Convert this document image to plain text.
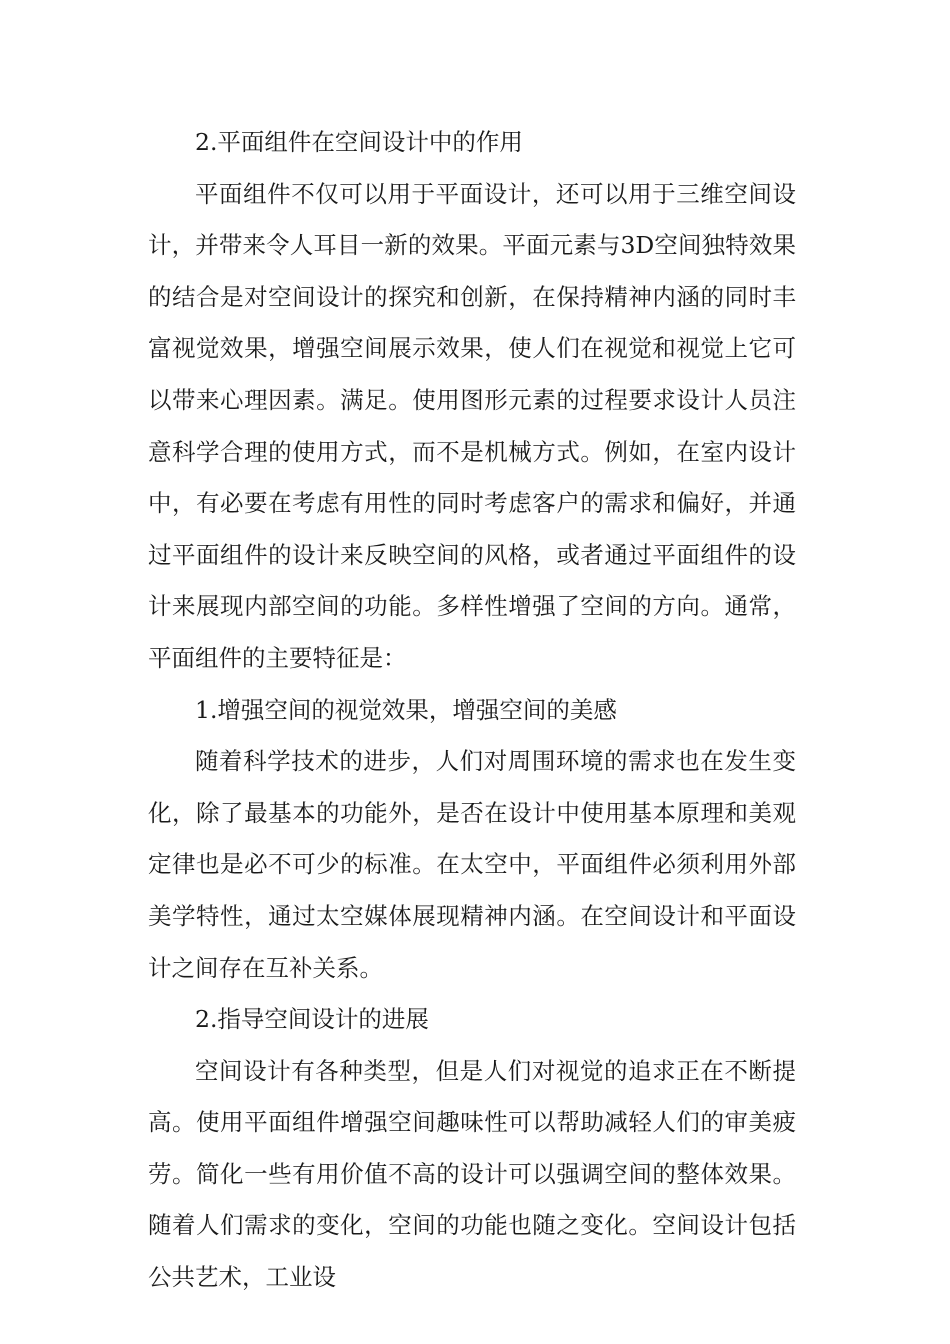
2.平面组件在空间设计中的作用

平面组件不仅可以用于平面设计，还可以用于三维空间设计，并带来令人耳目一新的效果。平面元素与3D空间独特效果的结合是对空间设计的探究和创新，在保持精神内涵的同时丰富视觉效果，增强空间展示效果，使人们在视觉和视觉上它可以带来心理因素。满足。使用图形元素的过程要求设计人员注意科学合理的使用方式，而不是机械方式。例如，在室内设计中，有必要在考虑有用性的同时考虑客户的需求和偏好，并通过平面组件的设计来反映空间的风格，或者通过平面组件的设计来展现内部空间的功能。多样性增强了空间的方向。通常，平面组件的主要特征是：

1.增强空间的视觉效果，增强空间的美感

随着科学技术的进步，人们对周围环境的需求也在发生变化，除了最基本的功能外，是否在设计中使用基本原理和美观定律也是必不可少的标准。在太空中，平面组件必须利用外部美学特性，通过太空媒体展现精神内涵。在空间设计和平面设计之间存在互补关系。

2.指导空间设计的进展

空间设计有各种类型，但是人们对视觉的追求正在不断提高。使用平面组件增强空间趣味性可以帮助减轻人们的审美疲劳。简化一些有用价值不高的设计可以强调空间的整体效果。随着人们需求的变化，空间的功能也随之变化。空间设计包括公共艺术，工业设
